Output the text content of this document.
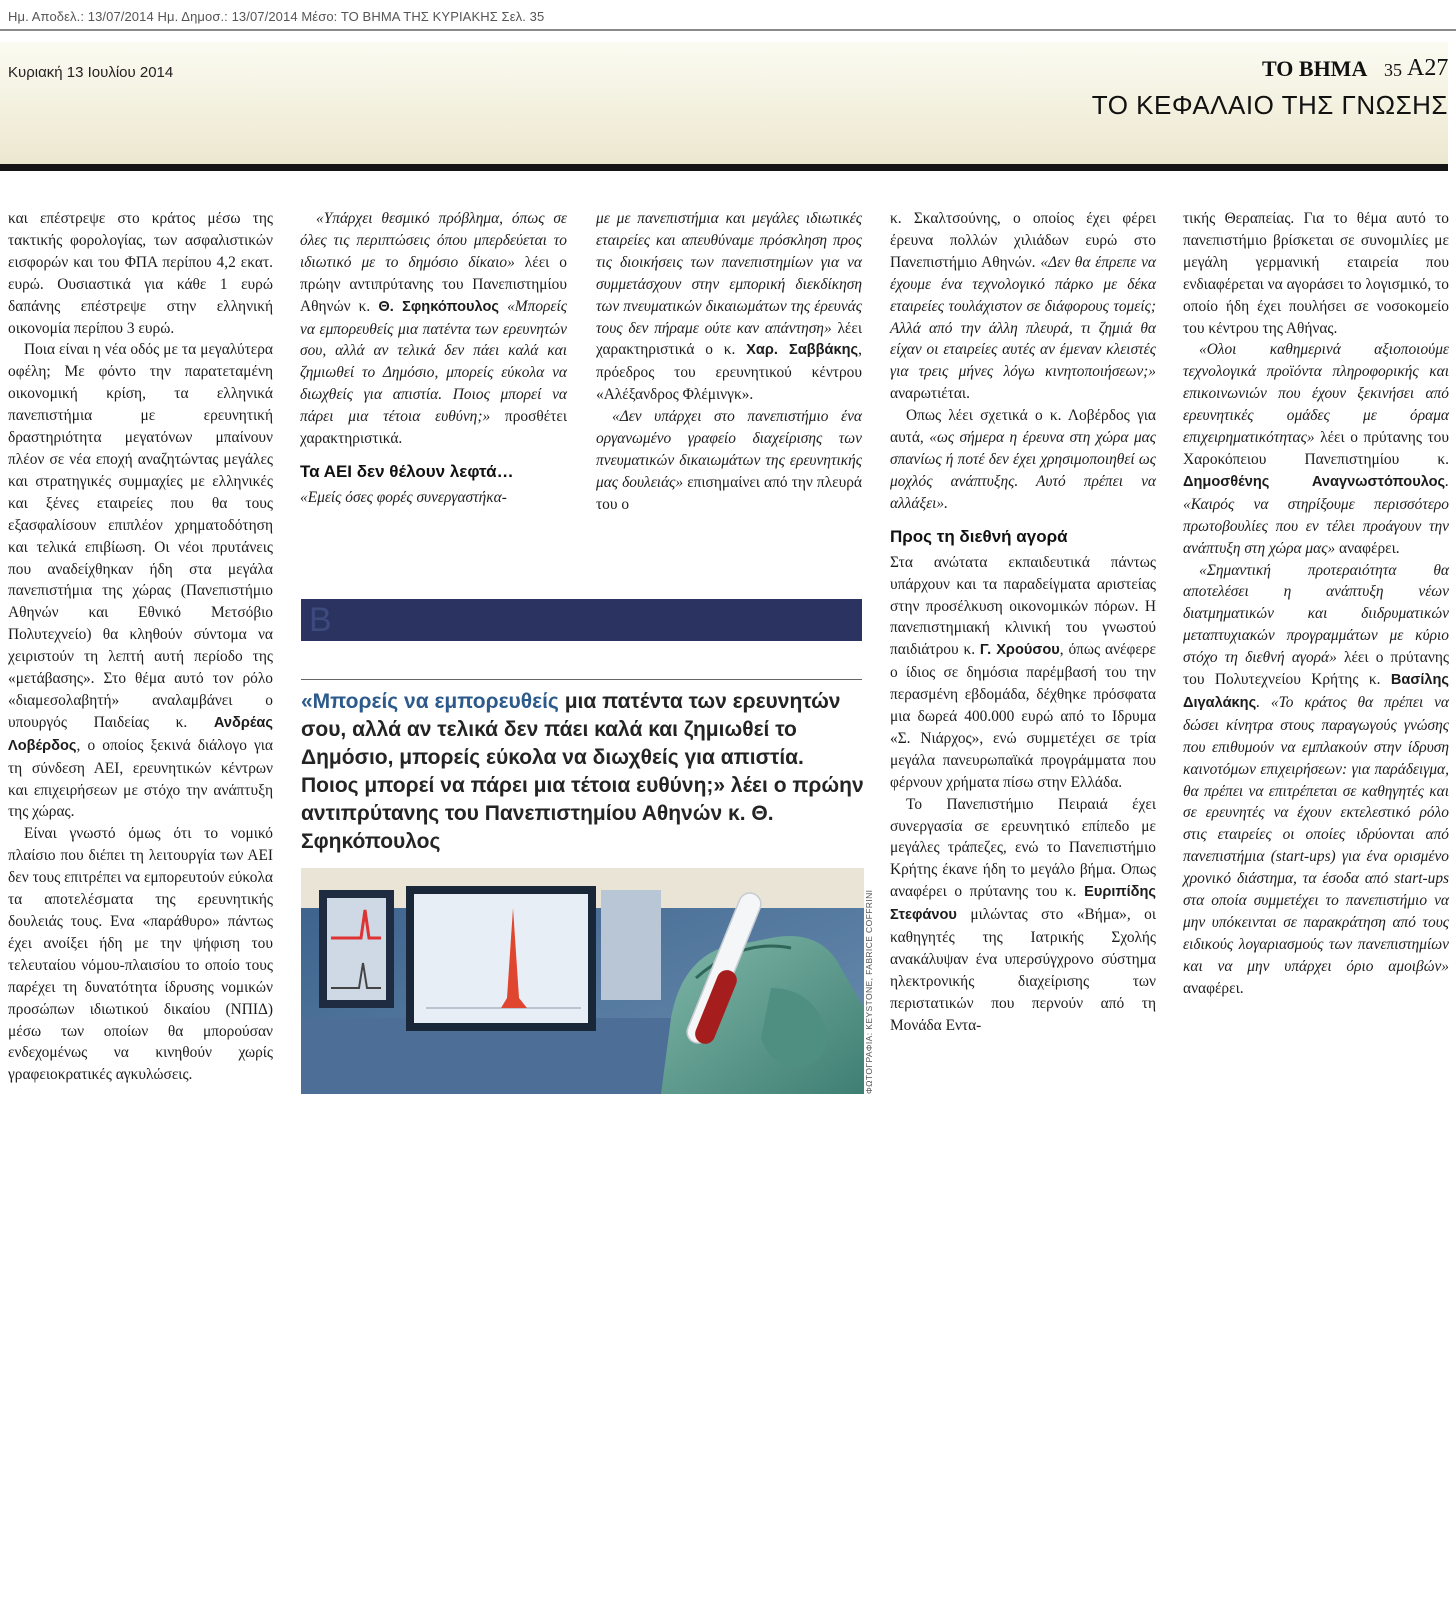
Ημ. Αποδελ.: 13/07/2014 Ημ. Δημοσ.: 13/07/2014 Μέσο: ΤΟ ΒΗΜΑ ΤΗΣ ΚΥΡΙΑΚΗΣ Σελ. 35
Κυριακή 13 Ιουλίου 2014	ΤΟ ΒΗΜΑ 35 A27
ΤΟ ΚΕΦΑΛΑΙΟ ΤΗΣ ΓΝΩΣΗΣ

και επέστρεψε στο κράτος μέσω της τακτικής φορολογίας, των ασφαλιστικών εισφορών και του ΦΠΑ περίπου 4,2 εκατ. ευρώ. Ουσιαστικά για κάθε 1 ευρώ δαπάνης επέστρεψε στην ελληνική οικονομία περίπου 3 ευρώ.

Ποια είναι η νέα οδός με τα μεγαλύτερα οφέλη; Με φόντο την παρατεταμένη οικονομική κρίση, τα ελληνικά πανεπιστήμια με ερευνητική δραστηριότητα μεγατόνων μπαίνουν πλέον σε νέα εποχή αναζητώντας μεγάλες και στρατηγικές συμμαχίες με ελληνικές και ξένες εταιρείες που θα τους εξασφαλίσουν επιπλέον χρηματοδότηση και τελικά επιβίωση. Οι νέοι πρυτάνεις που αναδείχθηκαν ήδη στα μεγάλα πανεπιστήμια της χώρας (Πανεπιστήμιο Αθηνών και Εθνικό Μετσόβιο Πολυτεχνείο) θα κληθούν σύντομα να χειριστούν τη λεπτή αυτή περίοδο της «μετάβασης». Στο θέμα αυτό τον ρόλο «διαμεσολαβητή» αναλαμβάνει ο υπουργός Παιδείας κ. Ανδρέας Λοβέρδος, ο οποίος ξεκινά διάλογο για τη σύνδεση ΑΕΙ, ερευνητικών κέντρων και επιχειρήσεων με στόχο την ανάπτυξη της χώρας.

Είναι γνωστό όμως ότι το νομικό πλαίσιο που διέπει τη λειτουργία των ΑΕΙ δεν τους επιτρέπει να εμπορευτούν εύκολα τα αποτελέσματα της ερευνητικής δουλειάς τους. Ενα «παράθυρο» πάντως έχει ανοίξει ήδη με την ψήφιση του τελευταίου νόμου-πλαισίου το οποίο τους παρέχει τη δυνατότητα ίδρυσης νομικών προσώπων ιδιωτικού δικαίου (ΝΠΙΔ) μέσω των οποίων θα μπορούσαν ενδεχομένως να κινηθούν χωρίς γραφειοκρατικές αγκυλώσεις.

«Υπάρχει θεσμικό πρόβλημα, όπως σε όλες τις περιπτώσεις όπου μπερδεύεται το ιδιωτικό με το δημόσιο δίκαιο» λέει ο πρώην αντιπρύτανης του Πανεπιστημίου Αθηνών κ. Θ. Σφηκόπουλος «Μπορείς να εμπορευθείς μια πατέντα των ερευνητών σου, αλλά αν τελικά δεν πάει καλά και ζημιωθεί το Δημόσιο, μπορείς εύκολα να διωχθείς για απιστία. Ποιος μπορεί να πάρει μια τέτοια ευθύνη;» προσθέτει χαρακτηριστικά.

Τα ΑΕΙ δεν θέλουν λεφτά…

«Εμείς όσες φορές συνεργαστήκα-

με με πανεπιστήμια και μεγάλες ιδιωτικές εταιρείες και απευθύναμε πρόσκληση προς τις διοικήσεις των πανεπιστημίων για να συμμετάσχουν στην εμπορική διεκδίκηση των πνευματικών δικαιωμάτων της έρευνάς τους δεν πήραμε ούτε καν απάντηση» λέει χαρακτηριστικά ο κ. Χαρ. Σαββάκης, πρόεδρος του ερευνητικού κέντρου «Αλέξανδρος Φλέμινγκ».

«Δεν υπάρχει στο πανεπιστήμιο ένα οργανωμένο γραφείο διαχείρισης των πνευματικών δικαιωμάτων της ερευνητικής μας δουλειάς» επισημαίνει από την πλευρά του ο

B
«Μπορείς να εμπορευθείς μια πατέντα των ερευνητών σου, αλλά αν τελικά δεν πάει καλά και ζημιωθεί το Δημόσιο, μπορείς εύκολα να διωχθείς για απιστία. Ποιος μπορεί να πάρει μια τέτοια ευθύνη;» λέει ο πρώην αντιπρύτανης του Πανεπιστημίου Αθηνών κ. Θ. Σφηκόπουλος
ΦΩΤΟΓΡΑΦΙΑ: KEYSTONE, FABRICE COFFRINI

κ. Σκαλτσούνης, ο οποίος έχει φέρει έρευνα πολλών χιλιάδων ευρώ στο Πανεπιστήμιο Αθηνών. «Δεν θα έπρεπε να έχουμε ένα τεχνολογικό πάρκο με δέκα εταιρείες τουλάχιστον σε διάφορους τομείς; Αλλά από την άλλη πλευρά, τι ζημιά θα είχαν οι εταιρείες αυτές αν έμεναν κλειστές για τρεις μήνες λόγω κινητοποιήσεων;» αναρωτιέται.

Οπως λέει σχετικά ο κ. Λοβέρδος για αυτά, «ως σήμερα η έρευνα στη χώρα μας σπανίως ή ποτέ δεν έχει χρησιμοποιηθεί ως μοχλός ανάπτυξης. Αυτό πρέπει να αλλάξει».

Προς τη διεθνή αγορά

Στα ανώτατα εκπαιδευτικά πάντως υπάρχουν και τα παραδείγματα αριστείας στην προσέλκυση οικονομικών πόρων. Η πανεπιστημιακή κλινική του γνωστού παιδιάτρου κ. Γ. Χρούσου, όπως ανέφερε ο ίδιος σε δημόσια παρέμβασή του την περασμένη εβδομάδα, δέχθηκε πρόσφατα μια δωρεά 400.000 ευρώ από το Ιδρυμα «Σ. Νιάρχος», ενώ συμμετέχει σε τρία μεγάλα πανευρωπαϊκά προγράμματα που φέρνουν χρήματα πίσω στην Ελλάδα.

Το Πανεπιστήμιο Πειραιά έχει συνεργασία σε ερευνητικό επίπεδο με μεγάλες τράπεζες, ενώ το Πανεπιστήμιο Κρήτης έκανε ήδη το μεγάλο βήμα. Οπως αναφέρει ο πρύτανης του κ. Ευριπίδης Στεφάνου μιλώντας στο «Βήμα», οι καθηγητές της Ιατρικής Σχολής ανακάλυψαν ένα υπερσύγχρονο σύστημα ηλεκτρονικής διαχείρισης των περιστατικών που περνούν από τη Μονάδα Εντα-

τικής Θεραπείας. Για το θέμα αυτό το πανεπιστήμιο βρίσκεται σε συνομιλίες με μεγάλη γερμανική εταιρεία που ενδιαφέρεται να αγοράσει το λογισμικό, το οποίο ήδη έχει πουλήσει σε νοσοκομείο του κέντρου της Αθήνας.

«Ολοι καθημερινά αξιοποιούμε τεχνολογικά προϊόντα πληροφορικής και επικοινωνιών που έχουν ξεκινήσει από ερευνητικές ομάδες με όραμα επιχειρηματικότητας» λέει ο πρύτανης του Χαροκόπειου Πανεπιστημίου κ. Δημοσθένης Αναγνωστόπουλος. «Καιρός να στηρίξουμε περισσότερο πρωτοβουλίες που εν τέλει προάγουν την ανάπτυξη στη χώρα μας» αναφέρει.

«Σημαντική προτεραιότητα θα αποτελέσει η ανάπτυξη νέων διατμηματικών και διιδρυματικών μεταπτυχιακών προγραμμάτων με κύριο στόχο τη διεθνή αγορά» λέει ο πρύτανης του Πολυτεχνείου Κρήτης κ. Βασίλης Διγαλάκης. «Το κράτος θα πρέπει να δώσει κίνητρα στους παραγωγούς γνώσης που επιθυμούν να εμπλακούν στην ίδρυση καινοτόμων επιχειρήσεων: για παράδειγμα, θα πρέπει να επιτρέπεται σε καθηγητές και σε ερευνητές να έχουν εκτελεστικό ρόλο στις εταιρείες οι οποίες ιδρύονται από πανεπιστήμια (start-ups) για ένα ορισμένο χρονικό διάστημα, τα έσοδα από start-ups στα οποία συμμετέχει το πανεπιστήμιο να μην υπόκεινται σε παρακράτηση από τους ειδικούς λογαριασμούς των πανεπιστημίων και να μην υπάρχει όριο αμοιβών» αναφέρει.
